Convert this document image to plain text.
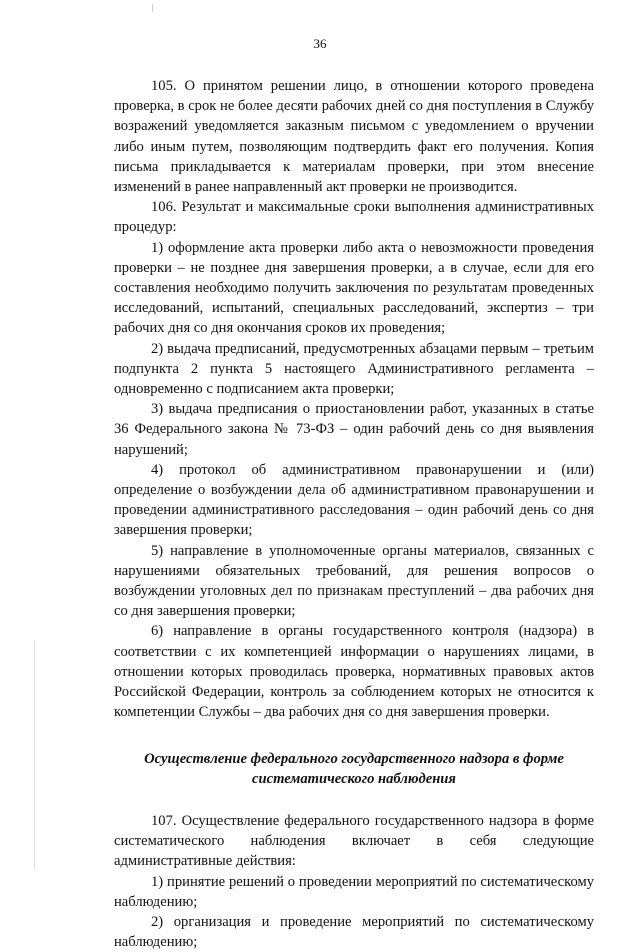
36

105. О принятом решении лицо, в отношении которого проведена проверка, в срок не более десяти рабочих дней со дня поступления в Службу возражений уведомляется заказным письмом с уведомлением о вручении либо иным путем, позволяющим подтвердить факт его получения. Копия письма прикладывается к материалам проверки, при этом внесение изменений в ранее направленный акт проверки не производится.

106. Результат и максимальные сроки выполнения административных процедур:

1) оформление акта проверки либо акта о невозможности проведения проверки – не позднее дня завершения проверки, а в случае, если для его составления необходимо получить заключения по результатам проведенных исследований, испытаний, специальных расследований, экспертиз – три рабочих дня со дня окончания сроков их проведения;

2) выдача предписаний, предусмотренных абзацами первым – третьим подпункта 2 пункта 5 настоящего Административного регламента – одновременно с подписанием акта проверки;

3) выдача предписания о приостановлении работ, указанных в статье 36 Федерального закона № 73-ФЗ – один рабочий день со дня выявления нарушений;

4) протокол об административном правонарушении и (или) определение о возбуждении дела об административном правонарушении и проведении административного расследования – один рабочий день со дня завершения проверки;

5) направление в уполномоченные органы материалов, связанных с нарушениями обязательных требований, для решения вопросов о возбуждении уголовных дел по признакам преступлений – два рабочих дня со дня завершения проверки;

6) направление в органы государственного контроля (надзора) в соответствии с их компетенцией информации о нарушениях лицами, в отношении которых проводилась проверка, нормативных правовых актов Российской Федерации, контроль за соблюдением которых не относится к компетенции Службы – два рабочих дня со дня завершения проверки.

Осуществление федерального государственного надзора в форме
систематического наблюдения

107. Осуществление федерального государственного надзора в форме систематического наблюдения включает в себя следующие административные действия:

1) принятие решений о проведении мероприятий по систематическому наблюдению;

2) организация и проведение мероприятий по систематическому наблюдению;
